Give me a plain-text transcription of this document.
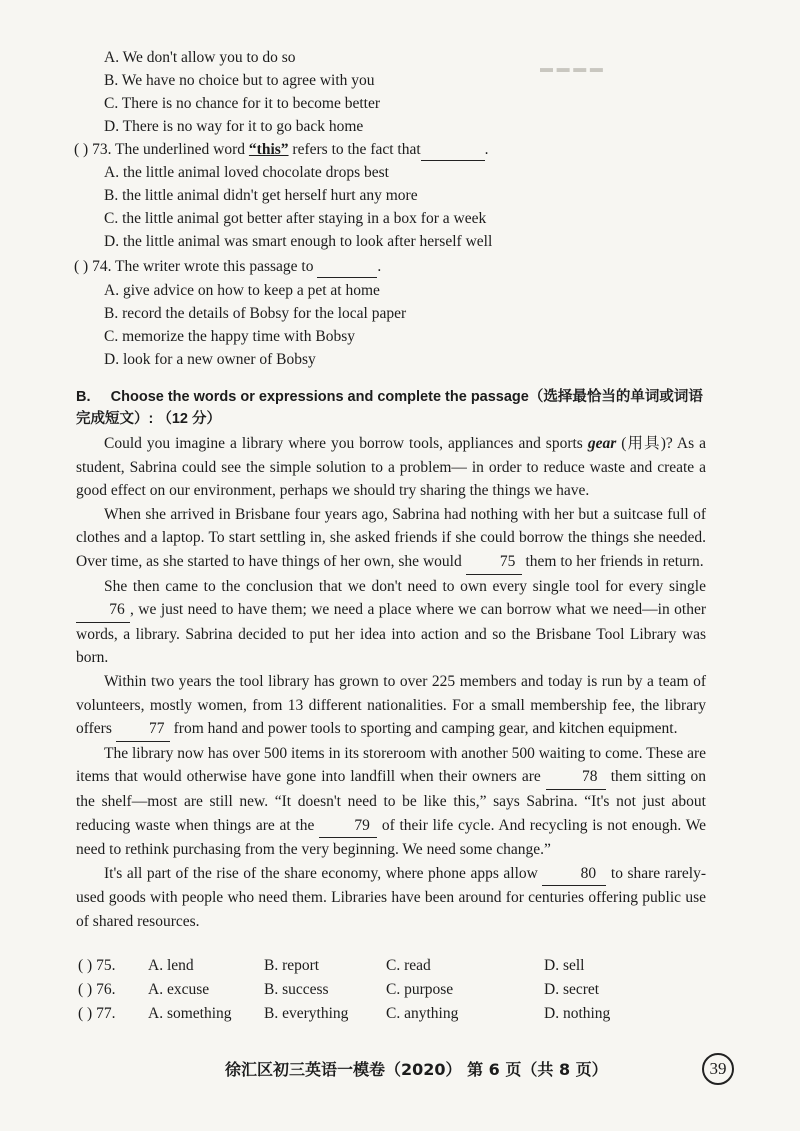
▬ ▬ ▬ ▬
A. We don't allow you to do so
B. We have no choice but to agree with you
C. There is no chance for it to become better
D. There is no way for it to go back home
( ) 73. The underlined word “this” refers to the fact that	.
A. the little animal loved chocolate drops best
B. the little animal didn't get herself hurt any more
C. the little animal got better after staying in a box for a week
D. the little animal was smart enough to look after herself well
( ) 74. The writer wrote this passage to	.
A. give advice on how to keep a pet at home
B. record the details of Bobsy for the local paper
C. memorize the happy time with Bobsy
D. look for a new owner of Bobsy
B. Choose the words or expressions and complete the passage（选择最恰当的单词或词语完成短文）: （12 分）

Could you imagine a library where you borrow tools, appliances and sports gear (用具)? As a student, Sabrina could see the simple solution to a problem— in order to reduce waste and create a good effect on our environment, perhaps we should try sharing the things we have.

When she arrived in Brisbane four years ago, Sabrina had nothing with her but a suitcase full of clothes and a laptop. To start settling in, she asked friends if she could borrow the things she needed. Over time, as she started to have things of her own, she would 75 them to her friends in return.

She then came to the conclusion that we don't need to own every single tool for every single 76 , we just need to have them; we need a place where we can borrow what we need—in other words, a library. Sabrina decided to put her idea into action and so the Brisbane Tool Library was born.

Within two years the tool library has grown to over 225 members and today is run by a team of volunteers, mostly women, from 13 different nationalities. For a small membership fee, the library offers 77 from hand and power tools to sporting and camping gear, and kitchen equipment.

The library now has over 500 items in its storeroom with another 500 waiting to come. These are items that would otherwise have gone into landfill when their owners are 78 them sitting on the shelf—most are still new. “It doesn't need to be like this,” says Sabrina. “It's not just about reducing waste when things are at the 79 of their life cycle. And recycling is not enough. We need to rethink purchasing from the very beginning. We need some change.”

It's all part of the rise of the share economy, where phone apps allow 80 to share rarely-used goods with people who need them. Libraries have been around for centuries offering public use of shared resources.

( ) 75. A. lend	B. report	C. read	D. sell
( ) 76. A. excuse	B. success	C. purpose	D. secret
( ) 77. A. something B. everything C. anything	D. nothing
徐汇区初三英语一模卷（2020） 第 6 页（共 8 页）	39
